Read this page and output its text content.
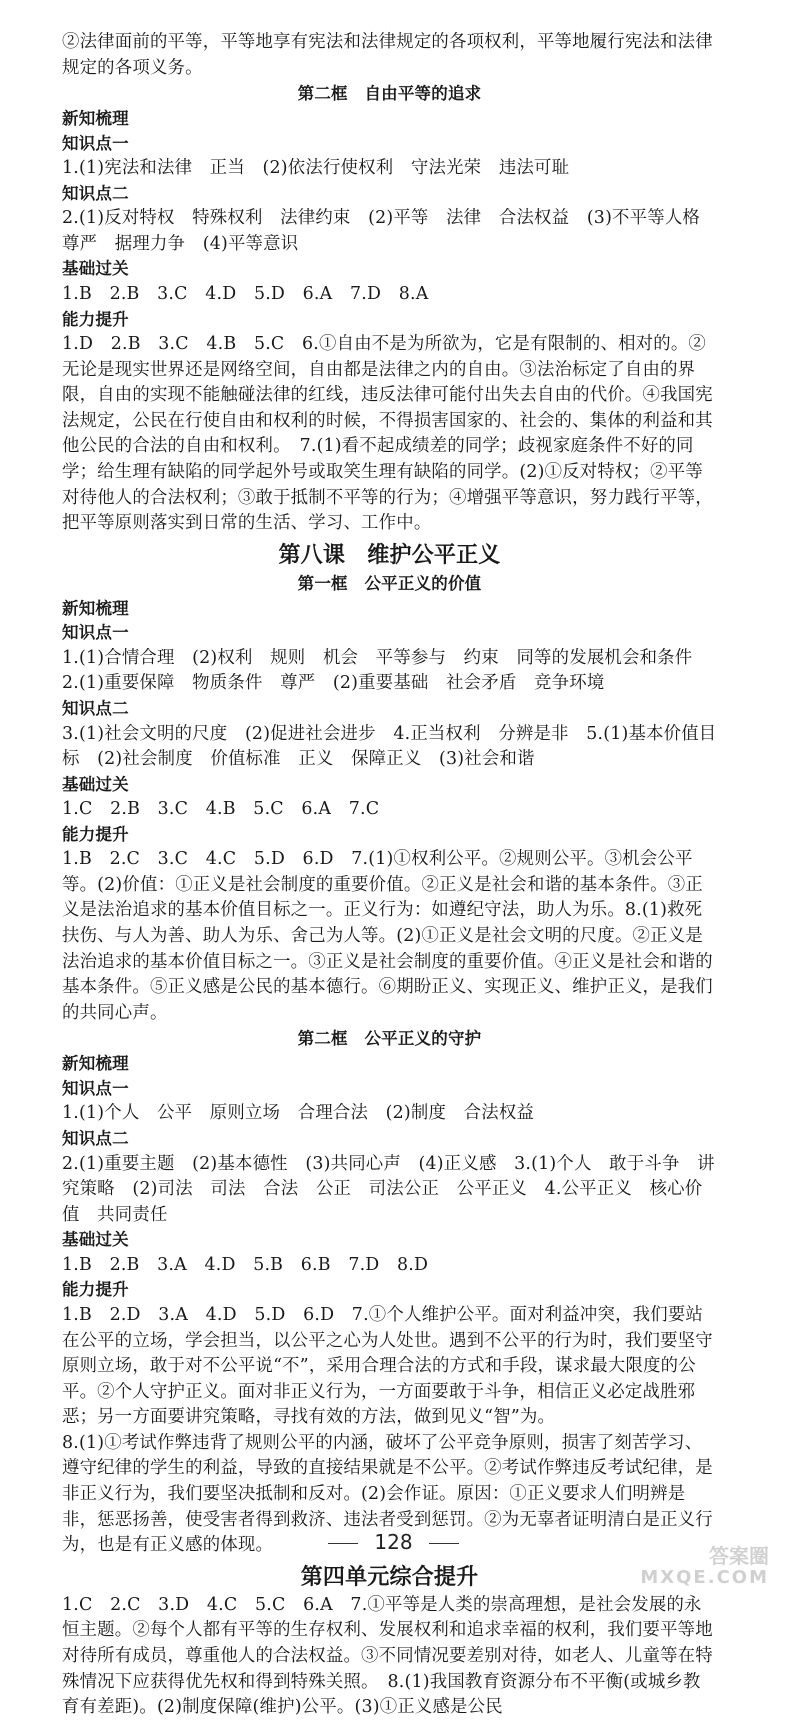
②法律面前的平等，平等地享有宪法和法律规定的各项权利，平等地履行宪法和法律规定的各项义务。

第二框　自由平等的追求

新知梳理

知识点一

1.(1)宪法和法律　正当　(2)依法行使权利　守法光荣　违法可耻

知识点二

2.(1)反对特权　特殊权利　法律约束　(2)平等　法律　合法权益　(3)不平等人格尊严　据理力争　(4)平等意识

基础过关

1.B　2.B　3.C　4.D　5.D　6.A　7.D　8.A

能力提升

1.D　2.B　3.C　4.B　5.C　6.①自由不是为所欲为，它是有限制的、相对的。②无论是现实世界还是网络空间，自由都是法律之内的自由。③法治标定了自由的界限，自由的实现不能触碰法律的红线，违反法律可能付出失去自由的代价。④我国宪法规定，公民在行使自由和权利的时候，不得损害国家的、社会的、集体的利益和其他公民的合法的自由和权利。　7.(1)看不起成绩差的同学；歧视家庭条件不好的同学；给生理有缺陷的同学起外号或取笑生理有缺陷的同学。(2)①反对特权；②平等对待他人的合法权利；③敢于抵制不平等的行为；④增强平等意识，努力践行平等，把平等原则落实到日常的生活、学习、工作中。

第八课　维护公平正义

第一框　公平正义的价值

新知梳理

知识点一

1.(1)合情合理　(2)权利　规则　机会　平等参与　约束　同等的发展机会和条件　2.(1)重要保障　物质条件　尊严　(2)重要基础　社会矛盾　竞争环境

知识点二

3.(1)社会文明的尺度　(2)促进社会进步　4.正当权利　分辨是非　5.(1)基本价值目标　(2)社会制度　价值标准　正义　保障正义　(3)社会和谐

基础过关

1.C　2.B　3.C　4.B　5.C　6.A　7.C

能力提升

1.B　2.C　3.C　4.C　5.D　6.D　7.(1)①权利公平。②规则公平。③机会公平等。(2)价值：①正义是社会制度的重要价值。②正义是社会和谐的基本条件。③正义是法治追求的基本价值目标之一。正义行为：如遵纪守法，助人为乐。8.(1)救死扶伤、与人为善、助人为乐、舍己为人等。(2)①正义是社会文明的尺度。②正义是法治追求的基本价值目标之一。③正义是社会制度的重要价值。④正义是社会和谐的基本条件。⑤正义感是公民的基本德行。⑥期盼正义、实现正义、维护正义，是我们的共同心声。

第二框　公平正义的守护

新知梳理

知识点一

1.(1)个人　公平　原则立场　合理合法　(2)制度　合法权益

知识点二

2.(1)重要主题　(2)基本德性　(3)共同心声　(4)正义感　3.(1)个人　敢于斗争　讲究策略　(2)司法　司法　合法　公正　司法公正　公平正义　4.公平正义　核心价值　共同责任

基础过关

1.B　2.B　3.A　4.D　5.B　6.B　7.D　8.D

能力提升

1.B　2.D　3.A　4.D　5.D　6.D　7.①个人维护公平。面对利益冲突，我们要站在公平的立场，学会担当，以公平之心为人处世。遇到不公平的行为时，我们要坚守原则立场，敢于对不公平说“不”，采用合理合法的方式和手段，谋求最大限度的公平。②个人守护正义。面对非正义行为，一方面要敢于斗争，相信正义必定战胜邪恶；另一方面要讲究策略，寻找有效的方法，做到见义“智”为。

8.(1)①考试作弊违背了规则公平的内涵，破坏了公平竞争原则，损害了刻苦学习、遵守纪律的学生的利益，导致的直接结果就是不公平。②考试作弊违反考试纪律，是非正义行为，我们要坚决抵制和反对。(2)会作证。原因：①正义要求人们明辨是非，惩恶扬善，使受害者得到救济、违法者受到惩罚。②为无辜者证明清白是正义行为，也是有正义感的体现。

第四单元综合提升

1.C　2.C　3.D　4.C　5.C　6.A　7.①平等是人类的崇高理想，是社会发展的永恒主题。②每个人都有平等的生存权利、发展权利和追求幸福的权利，我们要平等地对待所有成员，尊重他人的合法权益。③不同情况要差别对待，如老人、儿童等在特殊情况下应获得优先权和得到特殊关照。　8.(1)我国教育资源分布不平衡(或城乡教育有差距)。(2)制度保障(维护)公平。(3)①正义感是公民

128
答案圈
MXQE.COM
